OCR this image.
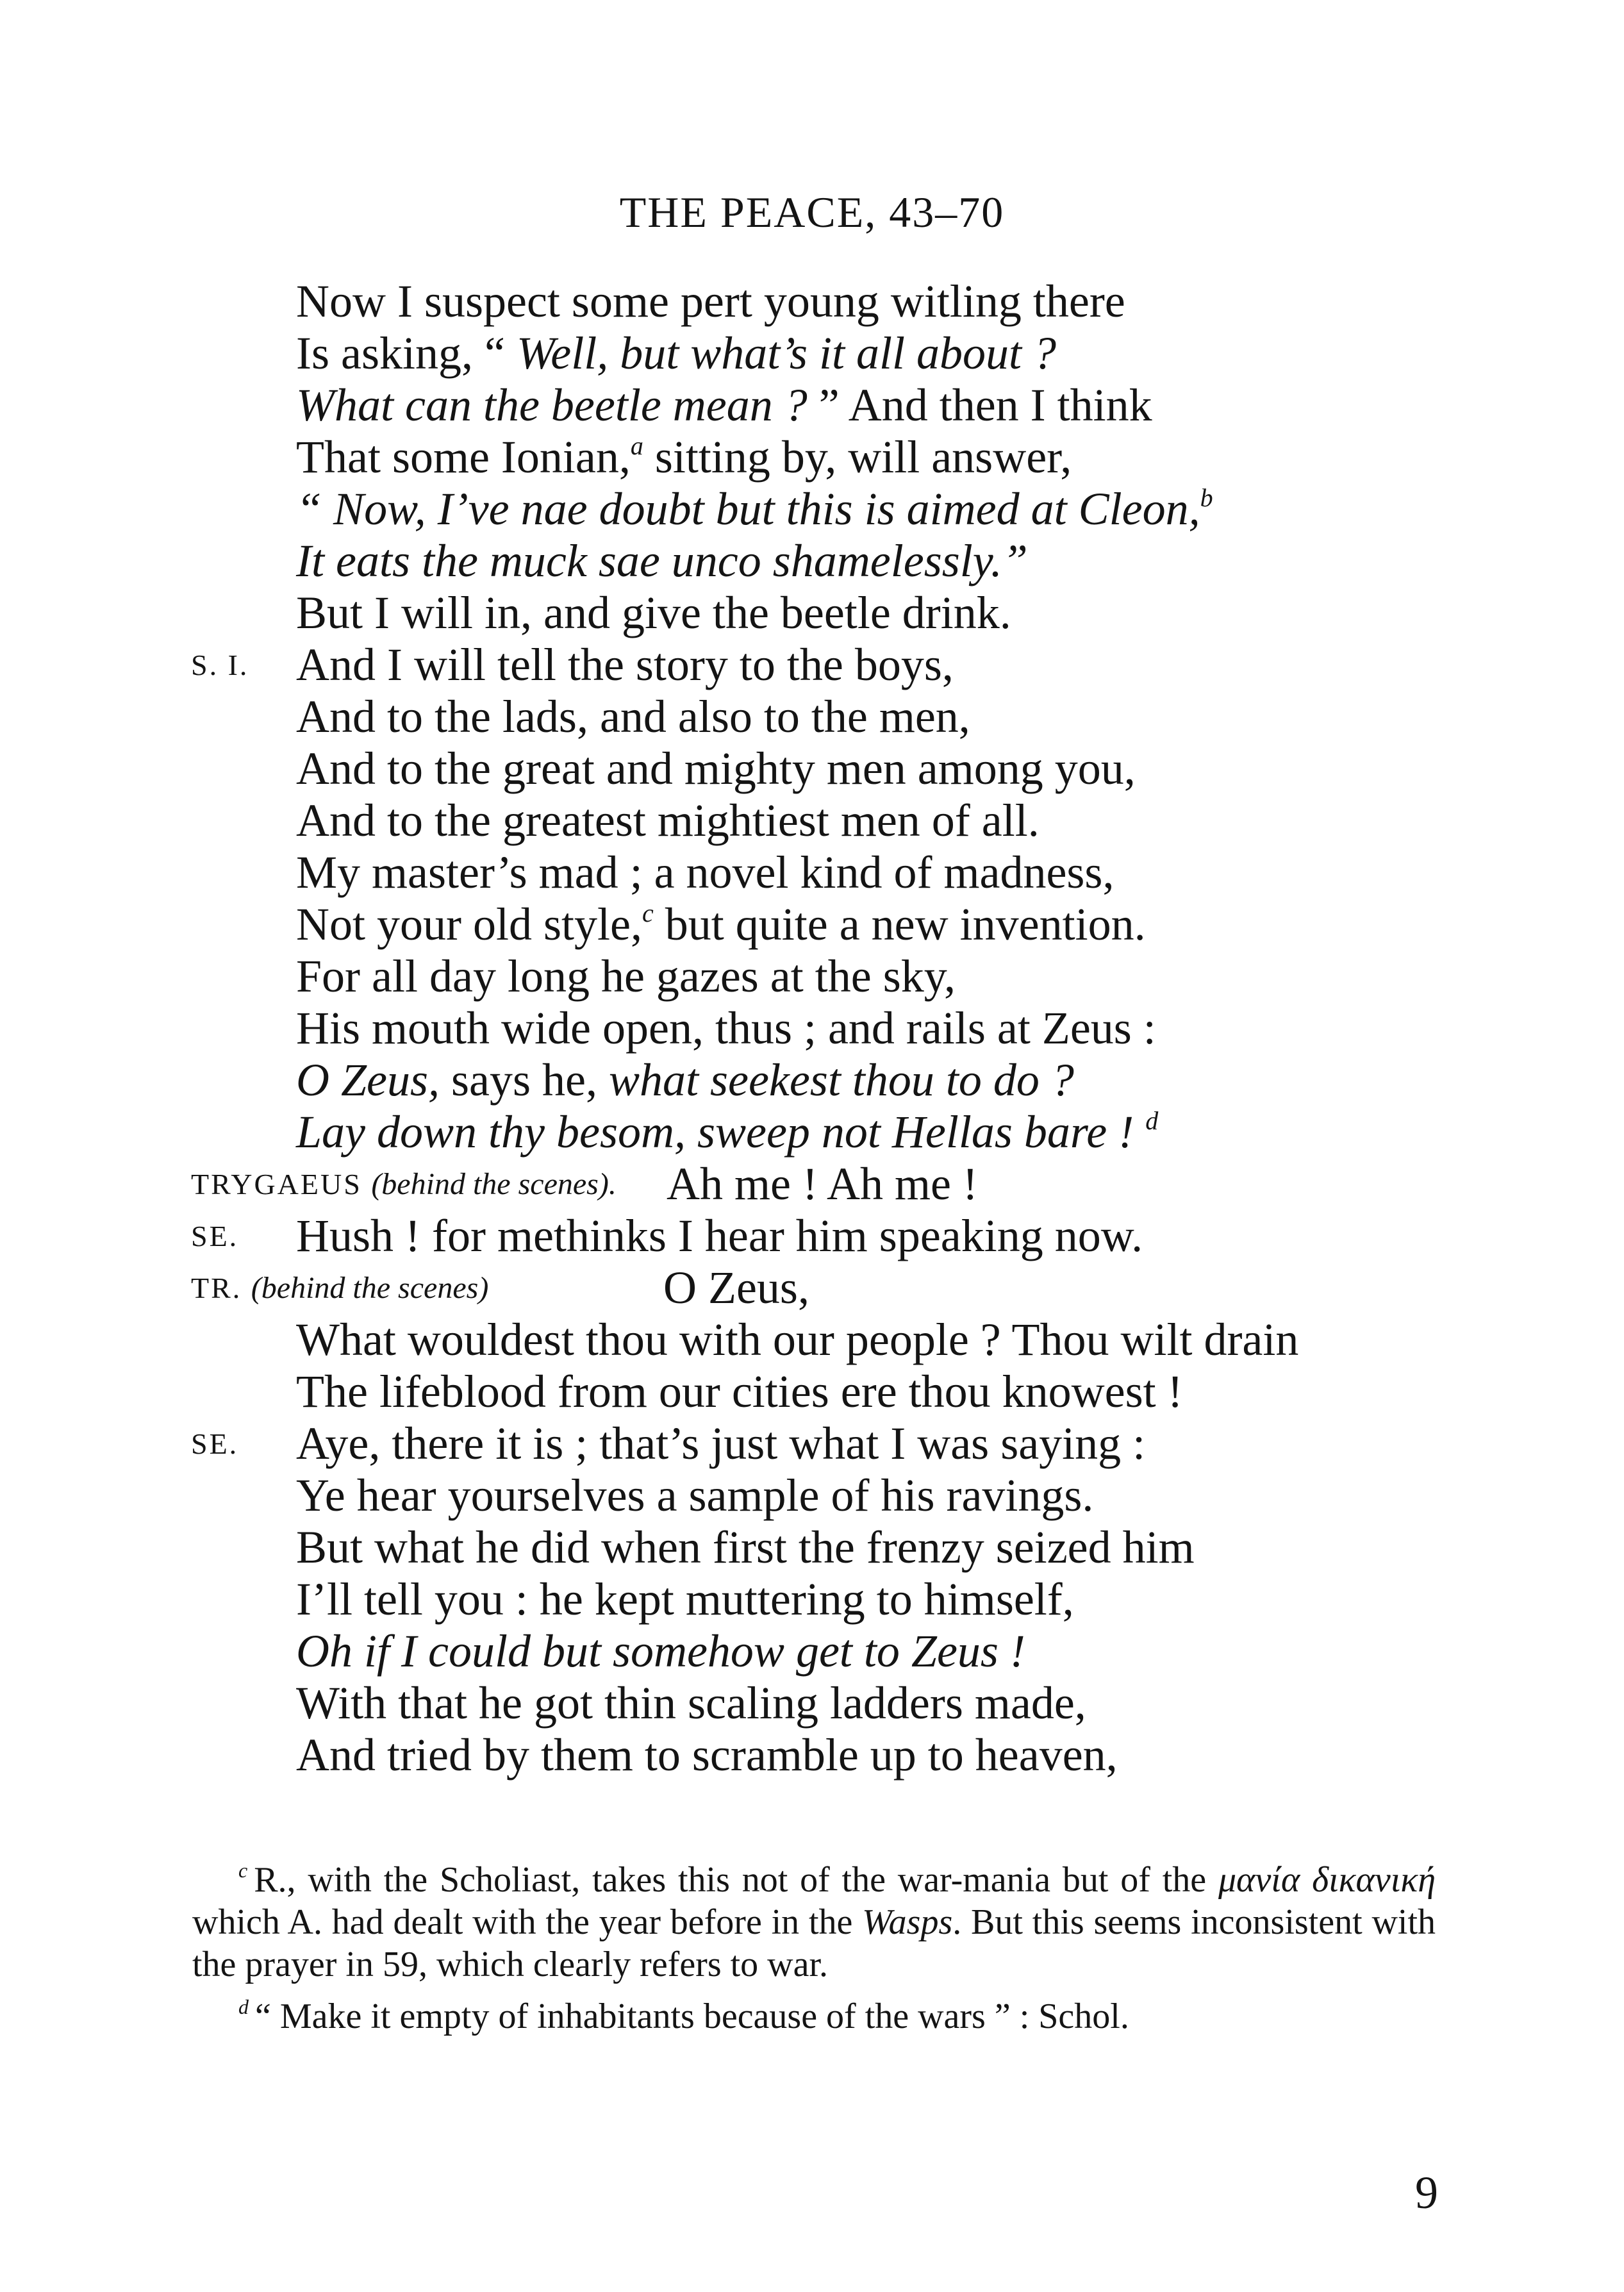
THE PEACE, 43–70
Now I suspect some pert young witling there
Is asking, “ Well, but what’s it all about ?
What can the beetle mean ? ” And then I think
That some Ionian,$^a$ sitting by, will answer,
“ Now, I’ve nae doubt but this is aimed at Cleon,$^b$
It eats the muck sae unco shamelessly.”
But I will in, and give the beetle drink.
S. I. And I will tell the story to the boys,
And to the lads, and also to the men,
And to the great and mighty men among you,
And to the greatest mightiest men of all.
My master’s mad ; a novel kind of madness,
Not your old style,$^c$ but quite a new invention.
For all day long he gazes at the sky,
His mouth wide open, thus ; and rails at Zeus :
O Zeus, says he, what seekest thou to do ?
Lay down thy besom, sweep not Hellas bare ! $^d$
TRYGAEUS (behind the scenes). Ah me ! Ah me !
SE. Hush ! for methinks I hear him speaking now.
TR. (behind the scenes)	O Zeus,
What wouldest thou with our people ? Thou wilt drain
The lifeblood from our cities ere thou knowest !
SE. Aye, there it is ; that’s just what I was saying :
Ye hear yourselves a sample of his ravings.
But what he did when first the frenzy seized him
I’ll tell you : he kept muttering to himself,
Oh if I could but somehow get to Zeus !
With that he got thin scaling ladders made,
And tried by them to scramble up to heaven,

$^c$ R., with the Scholiast, takes this not of the war-mania but of the μανία δικανική which A. had dealt with the year before in the Wasps. But this seems inconsistent with the prayer in 59, which clearly refers to war.

$^d$ “ Make it empty of inhabitants because of the wars ” : Schol.

9
